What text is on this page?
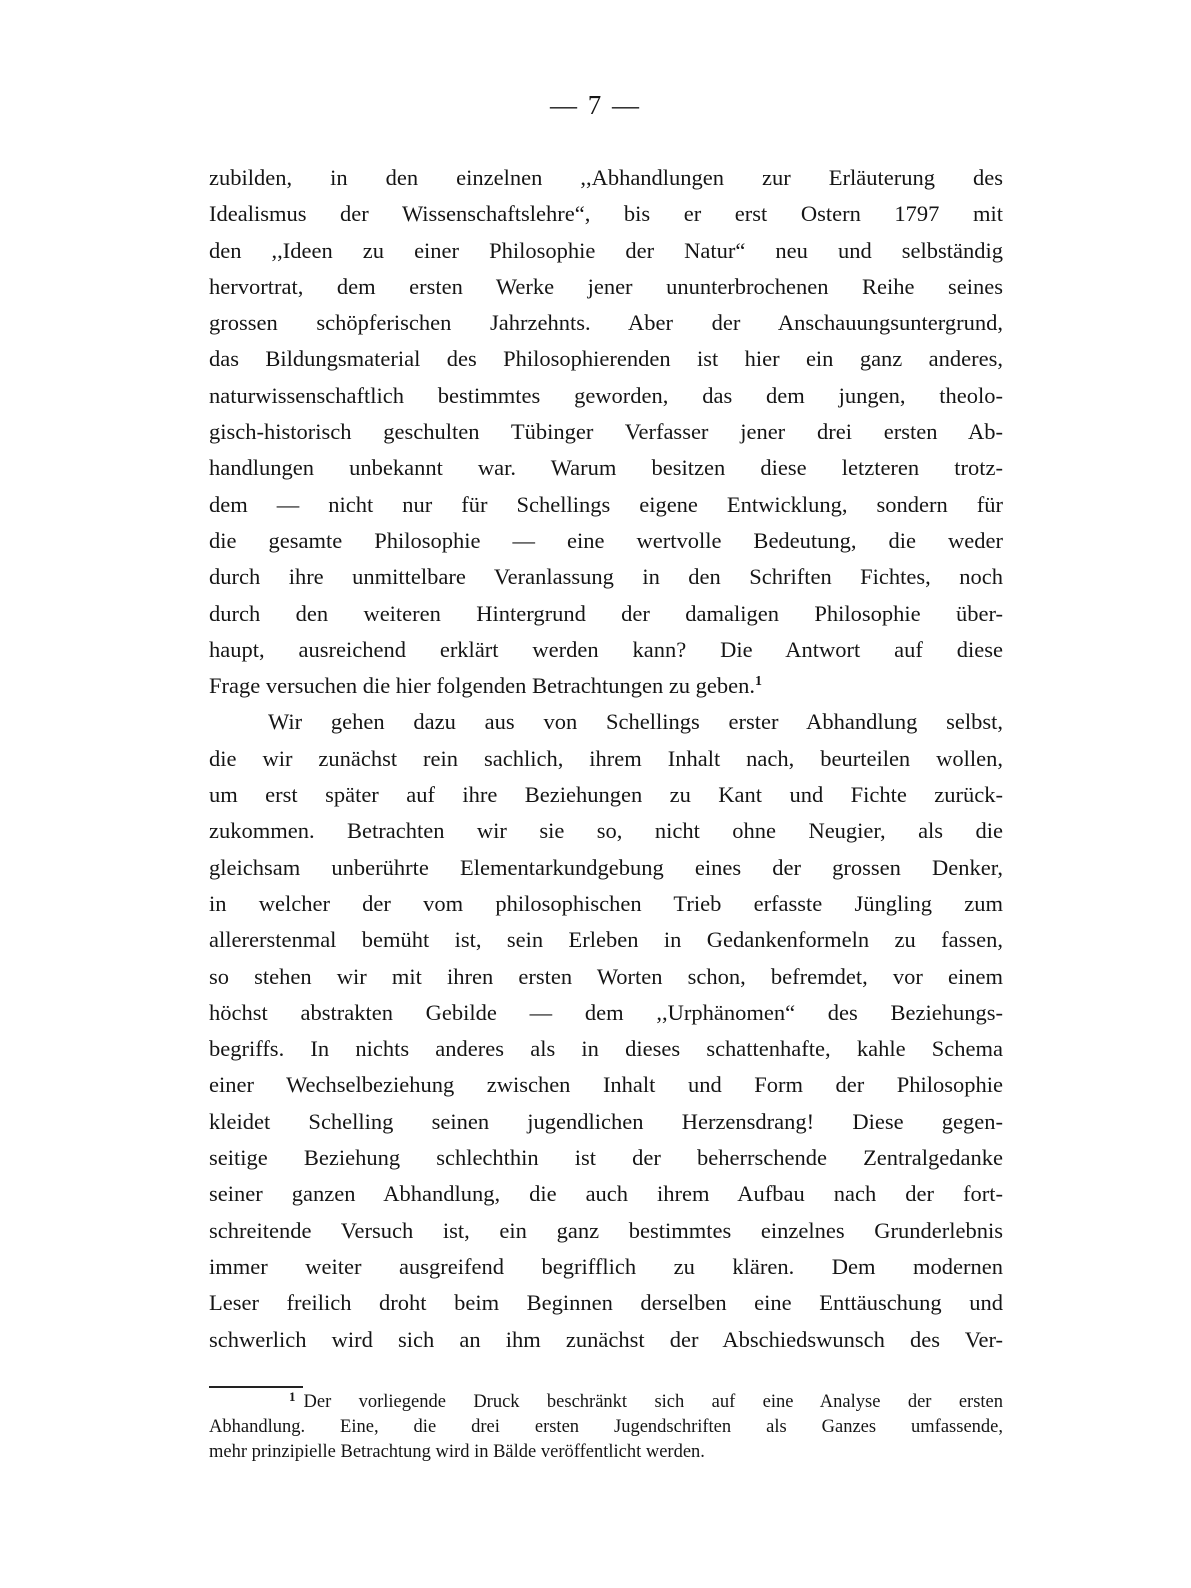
— 7 —
zubilden, in den einzelnen ,,Abhandlungen zur Erläuterung des
Idealismus der Wissenschaftslehre“, bis er erst Ostern 1797 mit
den ,,Ideen zu einer Philosophie der Natur“ neu und selbständig
hervortrat, dem ersten Werke jener ununterbrochenen Reihe seines
grossen schöpferischen Jahrzehnts. Aber der Anschauungsuntergrund,
das Bildungsmaterial des Philosophierenden ist hier ein ganz anderes,
naturwissenschaftlich bestimmtes geworden, das dem jungen, theolo-
gisch-historisch geschulten Tübinger Verfasser jener drei ersten Ab-
handlungen unbekannt war. Warum besitzen diese letzteren trotz-
dem — nicht nur für Schellings eigene Entwicklung, sondern für
die gesamte Philosophie — eine wertvolle Bedeutung, die weder
durch ihre unmittelbare Veranlassung in den Schriften Fichtes, noch
durch den weiteren Hintergrund der damaligen Philosophie über-
haupt, ausreichend erklärt werden kann? Die Antwort auf diese
Frage versuchen die hier folgenden Betrachtungen zu geben.$^1$
Wir gehen dazu aus von Schellings erster Abhandlung selbst,
die wir zunächst rein sachlich, ihrem Inhalt nach, beurteilen wollen,
um erst später auf ihre Beziehungen zu Kant und Fichte zurück-
zukommen. Betrachten wir sie so, nicht ohne Neugier, als die
gleichsam unberührte Elementarkundgebung eines der grossen Denker,
in welcher der vom philosophischen Trieb erfasste Jüngling zum
allererstenmal bemüht ist, sein Erleben in Gedankenformeln zu fassen,
so stehen wir mit ihren ersten Worten schon, befremdet, vor einem
höchst abstrakten Gebilde — dem ,,Urphänomen“ des Beziehungs-
begriffs. In nichts anderes als in dieses schattenhafte, kahle Schema
einer Wechselbeziehung zwischen Inhalt und Form der Philosophie
kleidet Schelling seinen jugendlichen Herzensdrang! Diese gegen-
seitige Beziehung schlechthin ist der beherrschende Zentralgedanke
seiner ganzen Abhandlung, die auch ihrem Aufbau nach der fort-
schreitende Versuch ist, ein ganz bestimmtes einzelnes Grunderlebnis
immer weiter ausgreifend begrifflich zu klären. Dem modernen
Leser freilich droht beim Beginnen derselben eine Enttäuschung und
schwerlich wird sich an ihm zunächst der Abschiedswunsch des Ver-
$^1$ Der vorliegende Druck beschränkt sich auf eine Analyse der ersten
Abhandlung. Eine, die drei ersten Jugendschriften als Ganzes umfassende,
mehr prinzipielle Betrachtung wird in Bälde veröffentlicht werden.
